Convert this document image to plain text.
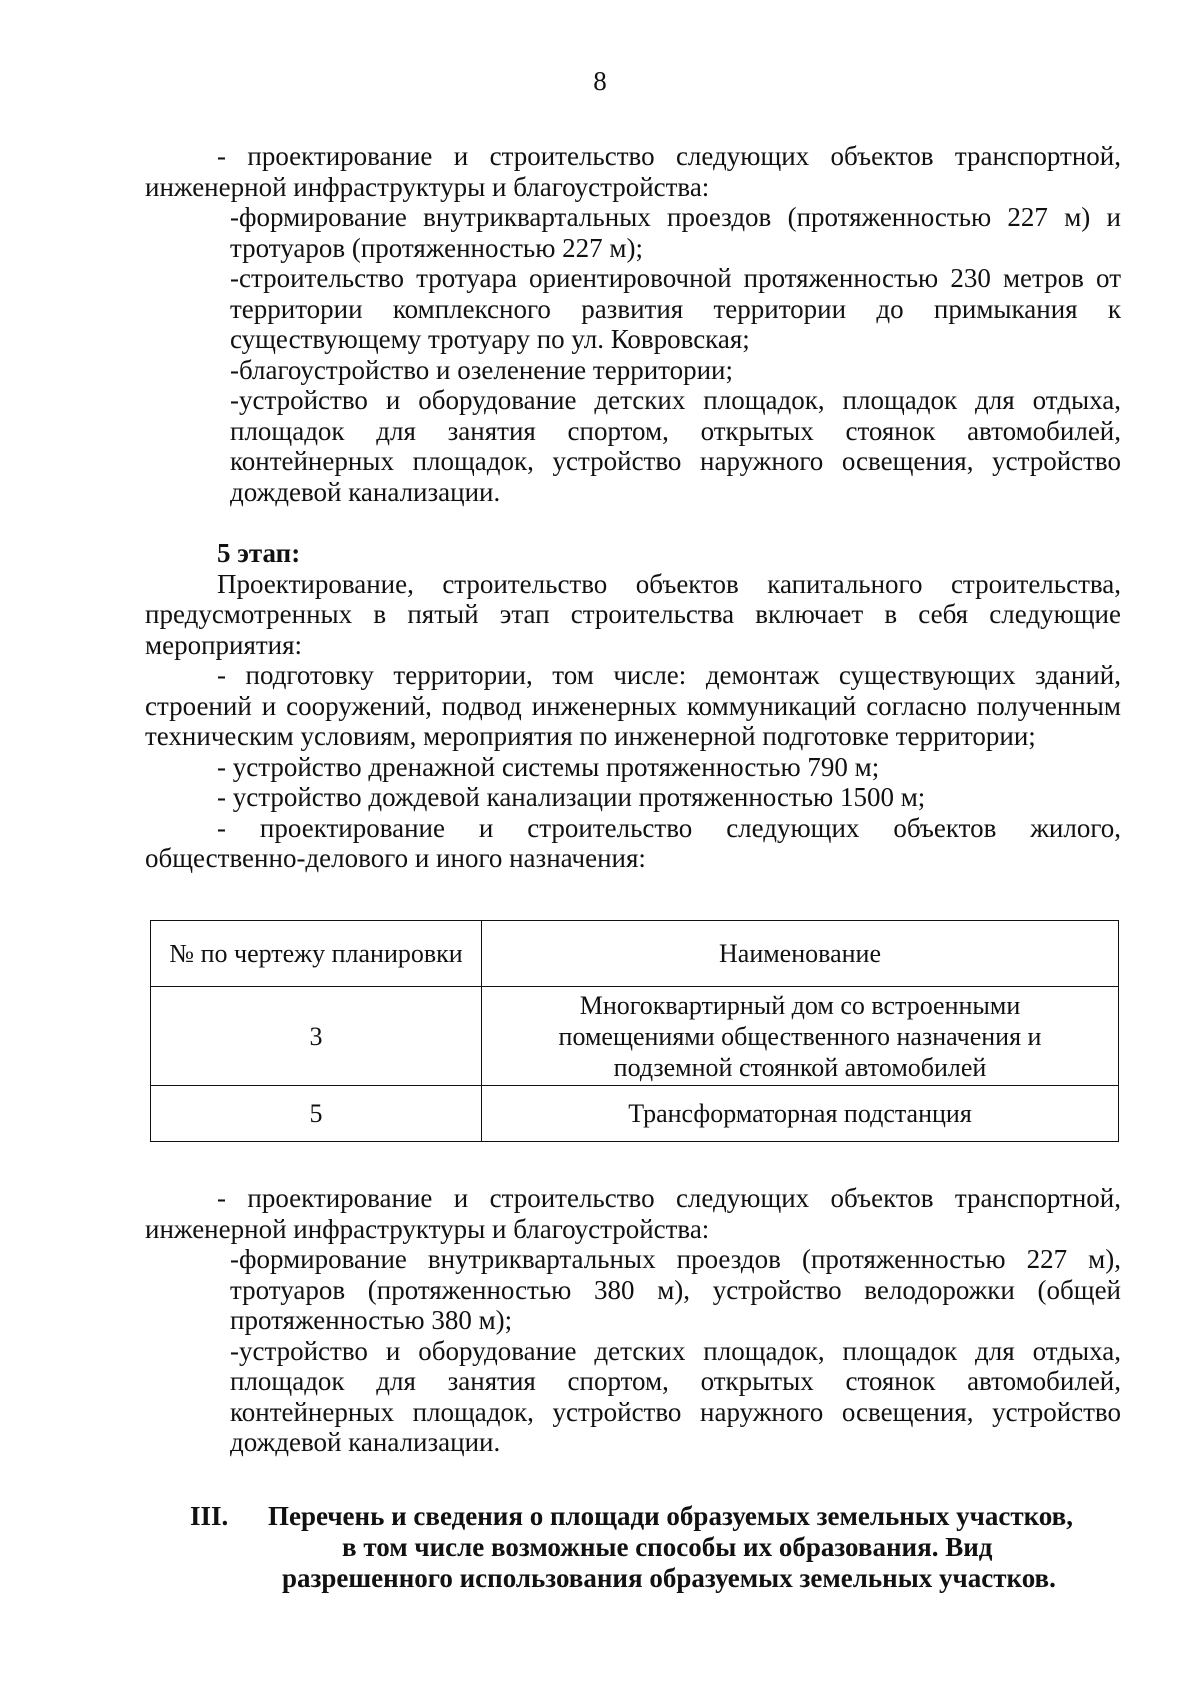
8

- проектирование и строительство следующих объектов транспортной, инженерной инфраструктуры и благоустройства:

-формирование внутриквартальных проездов (протяженностью 227 м) и тротуаров (протяженностью 227 м);

-строительство тротуара ориентировочной протяженностью 230 метров от территории комплексного развития территории до примыкания к существующему тротуару по ул. Ковровская;

-благоустройство и озеленение территории;

-устройство и оборудование детских площадок, площадок для отдыха, площадок для занятия спортом, открытых стоянок автомобилей, контейнерных площадок, устройство наружного освещения, устройство дождевой канализации.

5 этап:

Проектирование, строительство объектов капитального строительства, предусмотренных в пятый этап строительства включает в себя следующие мероприятия:

- подготовку территории, том числе: демонтаж существующих зданий, строений и сооружений, подвод инженерных коммуникаций согласно полученным техническим условиям, мероприятия по инженерной подготовке территории;

- устройство дренажной системы протяженностью 790 м;

- устройство дождевой канализации протяженностью 1500 м;

- проектирование и строительство следующих объектов жилого, общественно-делового и иного назначения:

№ по чертежу планировки	Наименование
3	Многоквартирный дом со встроенными помещениями общественного назначения и подземной стоянкой автомобилей
5	Трансформаторная подстанция

- проектирование и строительство следующих объектов транспортной, инженерной инфраструктуры и благоустройства:

-формирование внутриквартальных проездов (протяженностью 227 м), тротуаров (протяженностью 380 м), устройство велодорожки (общей протяженностью 380 м);

-устройство и оборудование детских площадок, площадок для отдыха, площадок для занятия спортом, открытых стоянок автомобилей, контейнерных площадок, устройство наружного освещения, устройство дождевой канализации.

III. Перечень и сведения о площади образуемых земельных участков,
в том числе возможные способы их образования. Вид
разрешенного использования образуемых земельных участков.
